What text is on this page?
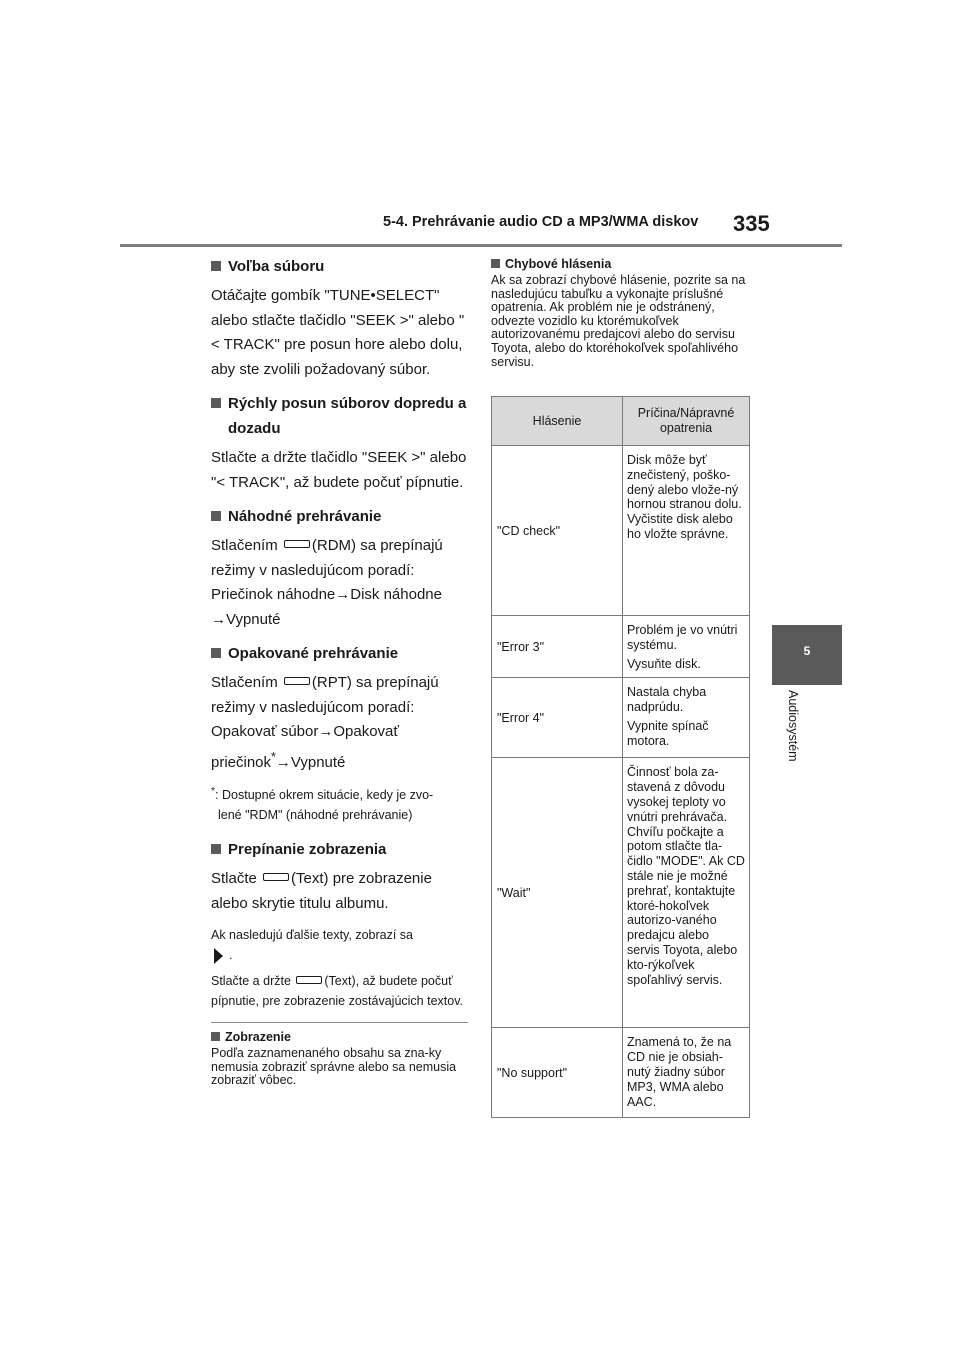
5-4. Prehrávanie audio CD a MP3/WMA diskov 335
5
Audiosystém
Voľba súboru

Otáčajte gombík "TUNE•SELECT" alebo stlačte tlačidlo "SEEK >" alebo "< TRACK" pre posun hore alebo dolu, aby ste zvolili požadovaný súbor.

Rýchly posun súborov dopredu a dozadu

Stlačte a držte tlačidlo "SEEK >" alebo "< TRACK", až budete počuť pípnutie.

Náhodné prehrávanie

Stlačením (RDM) sa prepínajú režimy v nasledujúcom poradí: Priečinok náhodne→Disk náhodne →Vypnuté

Opakované prehrávanie

Stlačením (RPT) sa prepínajú režimy v nasledujúcom poradí: Opakovať súbor→Opakovať priečinok*→Vypnuté

*: Dostupné okrem situácie, kedy je zvo-
lené "RDM" (náhodné prehrávanie)
Prepínanie zobrazenia

Stlačte (Text) pre zobrazenie alebo skrytie titulu albumu.

Ak nasledujú ďalšie texty, zobrazí sa
.

Stlačte a držte	(Text), až budete počuť pípnutie, pre zobrazenie zostávajúcich textov.

Zobrazenie

Podľa zaznamenaného obsahu sa zna-ky nemusia zobraziť správne alebo sa nemusia zobraziť vôbec.

Chybové hlásenia

Ak sa zobrazí chybové hlásenie, pozrite sa na nasledujúcu tabuľku a vykonajte príslušné opatrenia. Ak problém nie je odstránený, odvezte vozidlo ku ktorémukoľvek autorizovanému predajcovi alebo do servisu Toyota, alebo do ktoréhokoľvek spoľahlivého servisu.

Hlásenie	Príčina/Nápravné opatrenia
"CD check"	Disk môže byť znečistený, poško-dený alebo vlože-ný hornou stranou dolu. Vyčistite disk alebo ho vložte správne.

"Error 3"	Problém je vo vnútri systému.

Vysuňte disk.

"Error 4"	Nastala chyba nadprúdu.

Vypnite spínač motora.

"Wait"	Činnosť bola za-stavená z dôvodu vysokej teploty vo vnútri prehrávača. Chvíľu počkajte a potom stlačte tla-čidlo "MODE". Ak CD stále nie je možné prehrať, kontaktujte ktoré-hokoľvek autorizo-vaného predajcu alebo servis Toyota, alebo kto-rýkoľvek spoľahlivý servis.

"No support"	Znamená to, že na CD nie je obsiah-nutý žiadny súbor MP3, WMA alebo AAC.
